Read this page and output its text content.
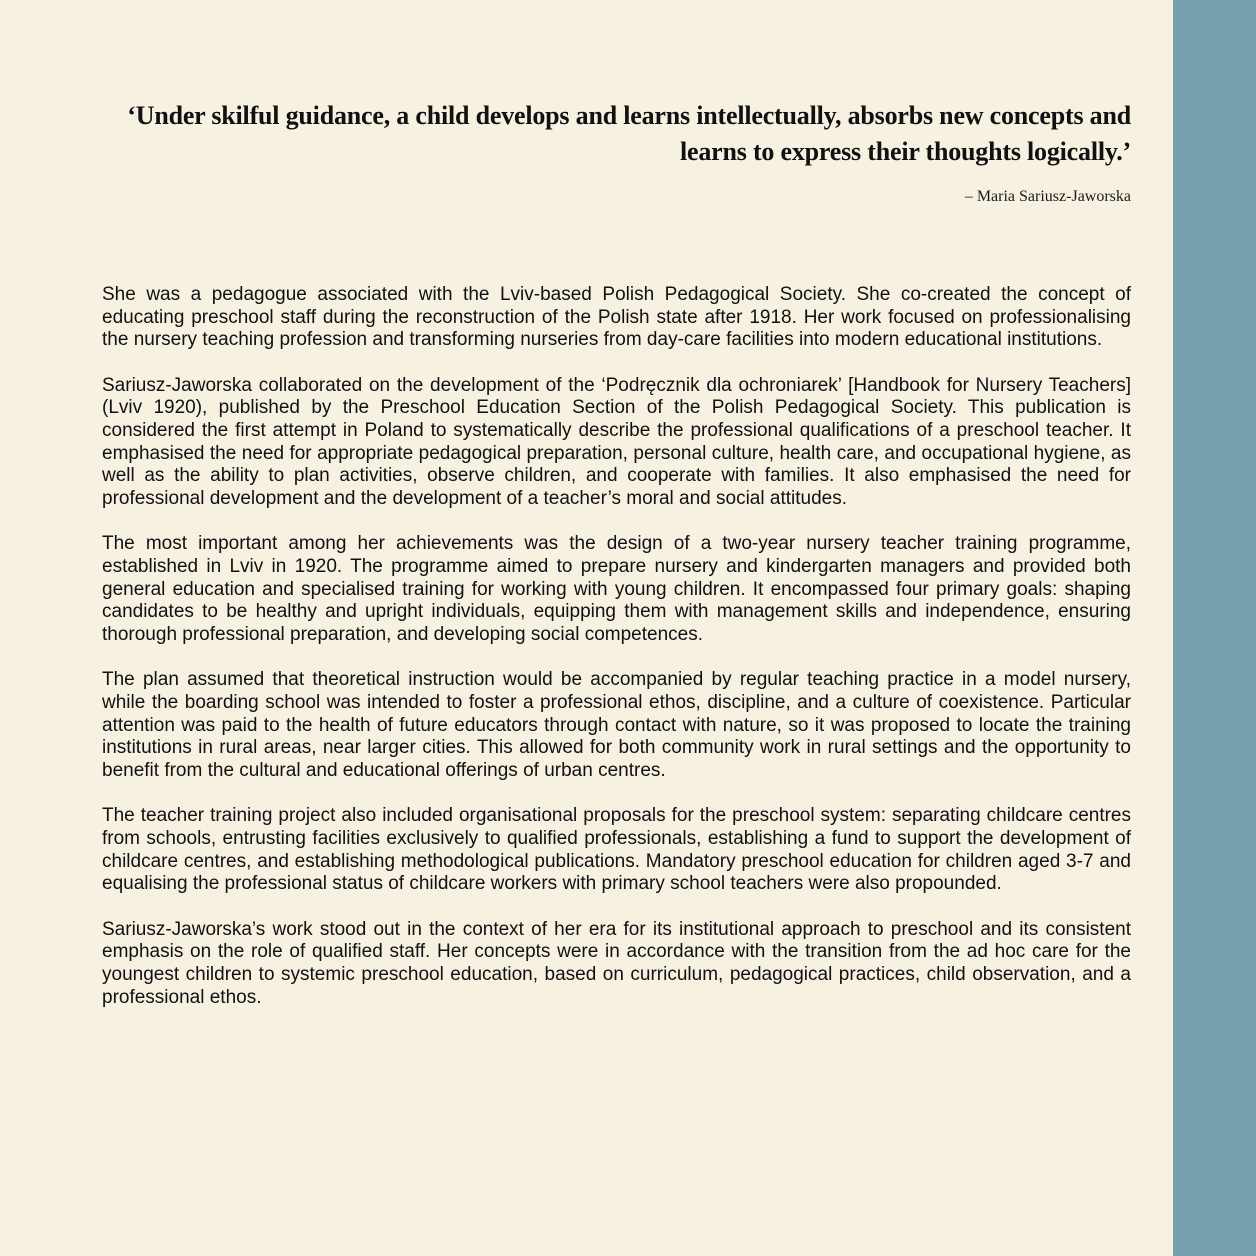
‘Under skilful guidance, a child develops and learns intellectually, absorbs new concepts and learns to express their thoughts logically.’

– Maria Sariusz-Jaworska

She was a pedagogue associated with the Lviv-based Polish Pedagogical Society. She co-created the concept of educating preschool staff during the reconstruction of the Polish state after 1918. Her work focused on professionalising the nursery teaching profession and transforming nurseries from day-care facilities into modern educational institutions.

Sariusz-Jaworska collaborated on the development of the ‘Podręcznik dla ochroniarek’ [Handbook for Nursery Teachers] (Lviv 1920), published by the Preschool Education Section of the Polish Pedagogical Society. This publication is considered the first attempt in Poland to systematically describe the professional qualifications of a preschool teacher. It emphasised the need for appropriate pedagogical preparation, personal culture, health care, and occupational hygiene, as well as the ability to plan activities, observe children, and cooperate with families. It also emphasised the need for professional development and the development of a teacher’s moral and social attitudes.

The most important among her achievements was the design of a two-year nursery teacher training programme, established in Lviv in 1920. The programme aimed to prepare nursery and kindergarten managers and provided both general education and specialised training for working with young children. It encompassed four primary goals: shaping candidates to be healthy and upright individuals, equipping them with management skills and independence, ensuring thorough professional preparation, and developing social competences.

The plan assumed that theoretical instruction would be accompanied by regular teaching practice in a model nursery, while the boarding school was intended to foster a professional ethos, discipline, and a culture of coexistence. Particular attention was paid to the health of future educators through contact with nature, so it was proposed to locate the training institutions in rural areas, near larger cities. This allowed for both community work in rural settings and the opportunity to benefit from the cultural and educational offerings of urban centres.

The teacher training project also included organisational proposals for the preschool system: separating childcare centres from schools, entrusting facilities exclusively to qualified professionals, establishing a fund to support the development of childcare centres, and establishing methodological publications. Mandatory preschool education for children aged 3-7 and equalising the professional status of childcare workers with primary school teachers were also propounded.

Sariusz-Jaworska’s work stood out in the context of her era for its institutional approach to preschool and its consistent emphasis on the role of qualified staff. Her concepts were in accordance with the transition from the ad hoc care for the youngest children to systemic preschool education, based on curriculum, pedagogical practices, child observation, and a professional ethos.
